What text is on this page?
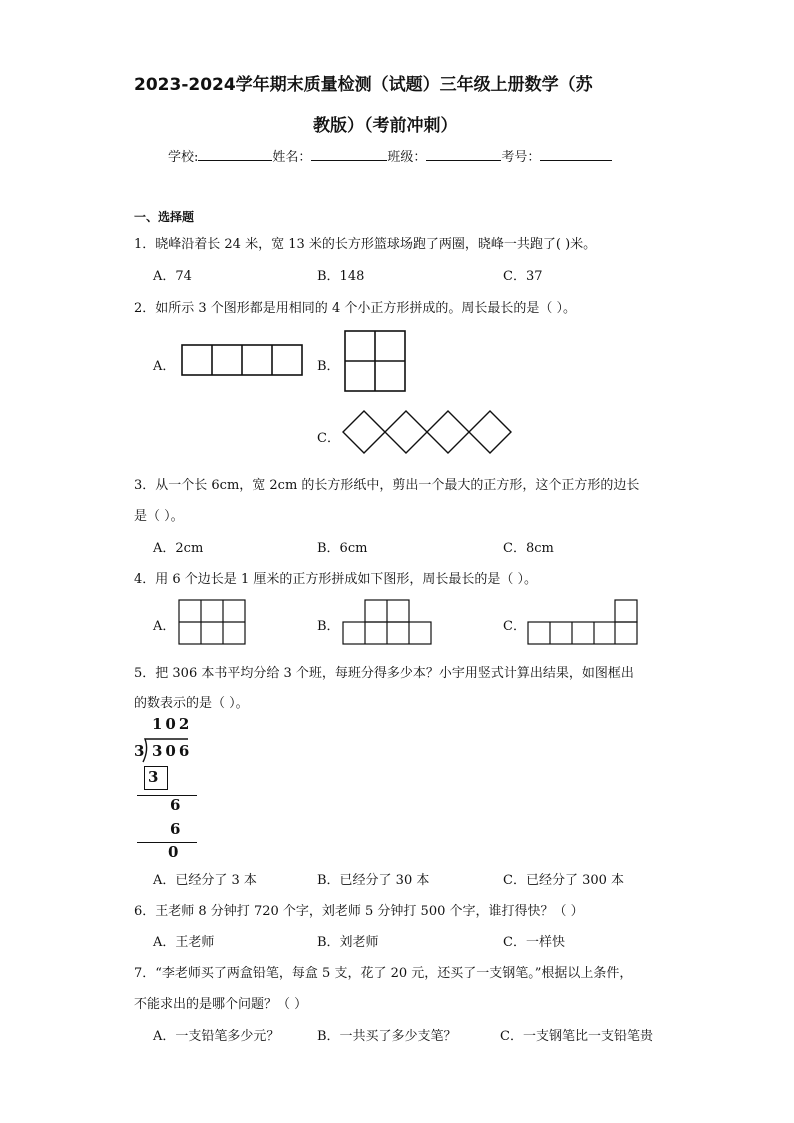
2023-2024学年期末质量检测（试题）三年级上册数学（苏
教版）（考前冲刺）
学校:	姓名：	班级：	考号：
一、选择题
1．晓峰沿着长 24 米，宽 13 米的长方形篮球场跑了两圈，晓峰一共跑了( )米。
A．74	B．148	C．37
2．如所示 3 个图形都是用相同的 4 个小正方形拼成的。周长最长的是（ ）。
A．	B．
C．
3．从一个长 6cm，宽 2cm 的长方形纸中，剪出一个最大的正方形，这个正方形的边长
是（ ）。
A．2cm	B．6cm	C．8cm
4．用 6 个边长是 1 厘米的正方形拼成如下图形，周长最长的是（ ）。
A．	B．	C．
5．把 306 本书平均分给 3 个班，每班分得多少本？小宇用竖式计算出结果，如图框出
的数表示的是（ ）。
102
3 306
3
6
6
0
A．已经分了 3 本	B．已经分了 30 本	C．已经分了 300 本
6．王老师 8 分钟打 720 个字，刘老师 5 分钟打 500 个字，谁打得快？（ ）
A．王老师	B．刘老师	C．一样快
7．“李老师买了两盒铅笔，每盒 5 支，花了 20 元，还买了一支钢笔。”根据以上条件，
不能求出的是哪个问题？（ ）
A．一支铅笔多少元？	B．一共买了多少支笔？	C．一支钢笔比一支铅笔贵
